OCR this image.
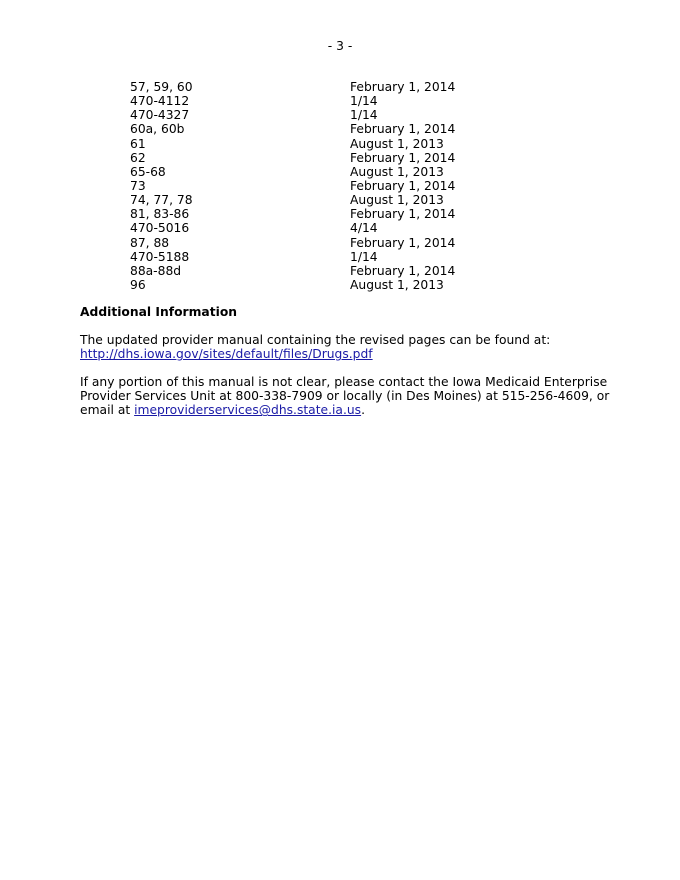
- 3 -
57, 59, 60	February 1, 2014
470-4112	1/14
470-4327	1/14
60a, 60b	February 1, 2014
61	August 1, 2013
62	February 1, 2014
65-68	August 1, 2013
73	February 1, 2014
74, 77, 78	August 1, 2013
81, 83-86	February 1, 2014
470-5016	4/14
87, 88	February 1, 2014
470-5188	1/14
88a-88d	February 1, 2014
96	August 1, 2013
Additional Information
The updated provider manual containing the revised pages can be found at:
http://dhs.iowa.gov/sites/default/files/Drugs.pdf
If any portion of this manual is not clear, please contact the Iowa Medicaid Enterprise Provider Services Unit at 800-338-7909 or locally (in Des Moines) at 515-256-4609, or email at imeproviderservices@dhs.state.ia.us.
